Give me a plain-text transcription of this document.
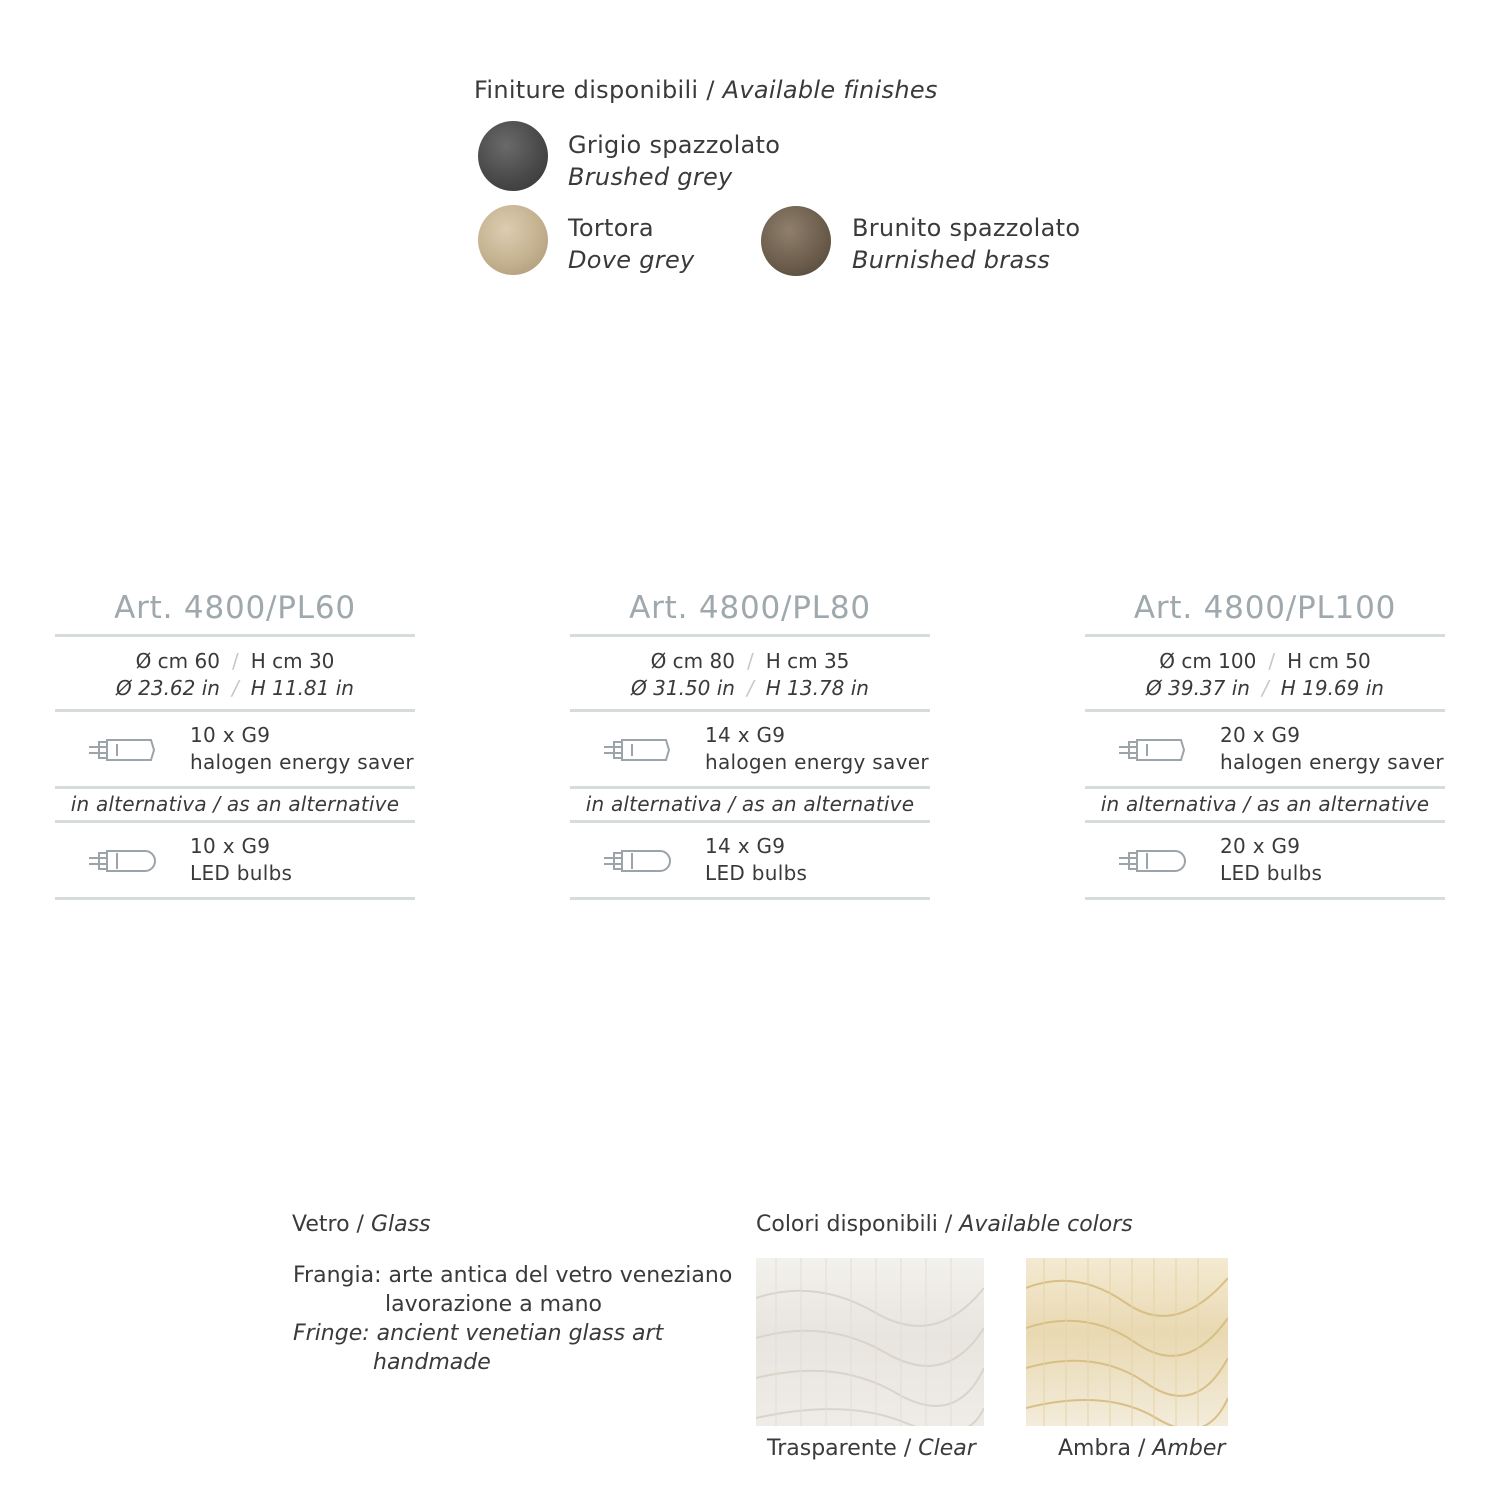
Finiture disponibili / Available finishes
Grigio spazzolato
Brushed grey
Tortora
Dove grey
Brunito spazzolato
Burnished brass
Art. 4800/PL60
Ø cm 60 / H cm 30
Ø 23.62 in / H 11.81 in
10 x G9
halogen energy saver
in alternativa / as an alternative
10 x G9
LED bulbs
Art. 4800/PL80
Ø cm 80 / H cm 35
Ø 31.50 in / H 13.78 in
14 x G9
halogen energy saver
in alternativa / as an alternative
14 x G9
LED bulbs
Art. 4800/PL100
Ø cm 100 / H cm 50
Ø 39.37 in / H 19.69 in
20 x G9
halogen energy saver
in alternativa / as an alternative
20 x G9
LED bulbs
Vetro / Glass
Frangia: arte antica del vetro veneziano
lavorazione a mano
Fringe: ancient venetian glass art
handmade
Colori disponibili / Available colors
Trasparente / Clear	Ambra / Amber
